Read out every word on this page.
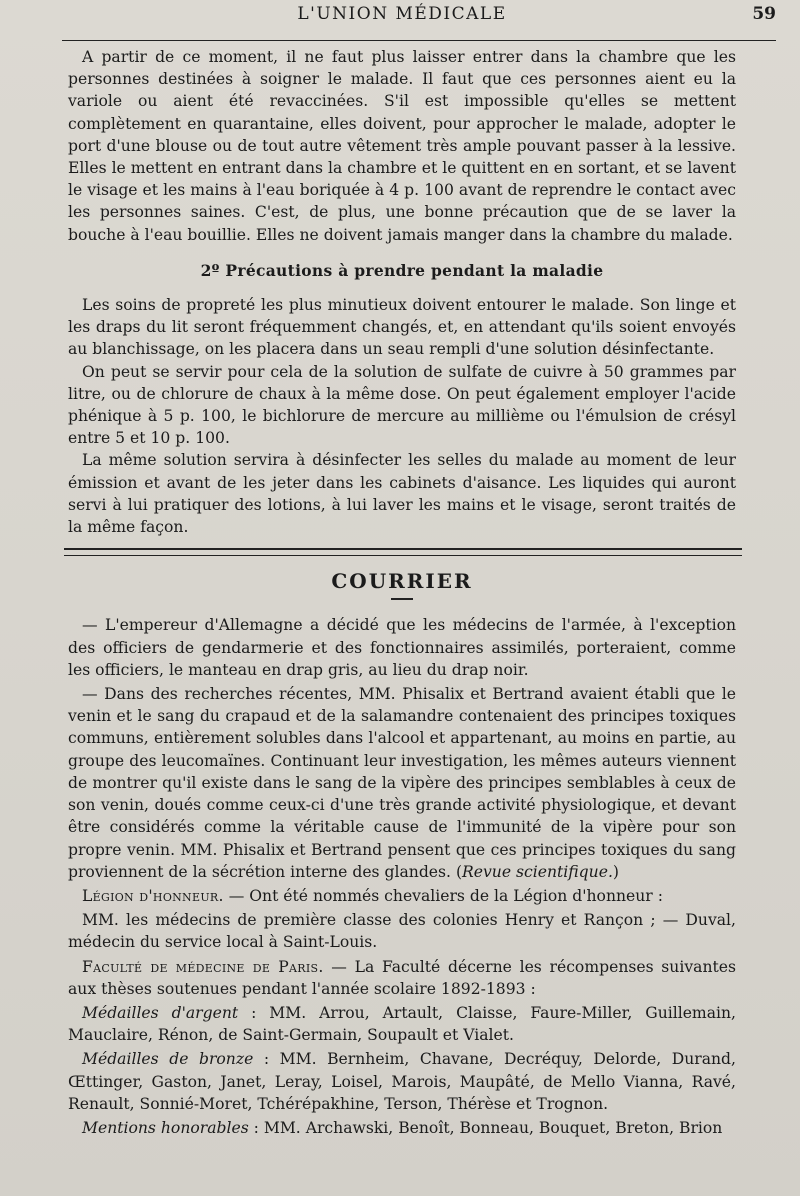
L'UNION MÉDICALE	59

A partir de ce moment, il ne faut plus laisser entrer dans la chambre que les personnes destinées à soigner le malade. Il faut que ces personnes aient eu la variole ou aient été revaccinées. S'il est impossible qu'elles se mettent complètement en quarantaine, elles doivent, pour approcher le malade, adopter le port d'une blouse ou de tout autre vêtement très ample pouvant passer à la lessive. Elles le mettent en entrant dans la chambre et le quittent en en sortant, et se lavent le visage et les mains à l'eau boriquée à 4 p. 100 avant de reprendre le contact avec les personnes saines. C'est, de plus, une bonne précaution que de se laver la bouche à l'eau bouillie. Elles ne doivent jamais manger dans la chambre du malade.

2º Précautions à prendre pendant la maladie

Les soins de propreté les plus minutieux doivent entourer le malade. Son linge et les draps du lit seront fréquemment changés, et, en attendant qu'ils soient envoyés au blanchissage, on les placera dans un seau rempli d'une solution désinfectante.

On peut se servir pour cela de la solution de sulfate de cuivre à 50 grammes par litre, ou de chlorure de chaux à la même dose. On peut également employer l'acide phénique à 5 p. 100, le bichlorure de mercure au millième ou l'émulsion de crésyl entre 5 et 10 p. 100.

La même solution servira à désinfecter les selles du malade au moment de leur émission et avant de les jeter dans les cabinets d'aisance. Les liquides qui auront servi à lui pratiquer des lotions, à lui laver les mains et le visage, seront traités de la même façon.

COURRIER

— L'empereur d'Allemagne a décidé que les médecins de l'armée, à l'exception des officiers de gendarmerie et des fonctionnaires assimilés, porteraient, comme les officiers, le manteau en drap gris, au lieu du drap noir.

— Dans des recherches récentes, MM. Phisalix et Bertrand avaient établi que le venin et le sang du crapaud et de la salamandre contenaient des principes toxiques communs, entièrement solubles dans l'alcool et appartenant, au moins en partie, au groupe des leucomaïnes. Continuant leur investigation, les mêmes auteurs viennent de montrer qu'il existe dans le sang de la vipère des principes semblables à ceux de son venin, doués comme ceux-ci d'une très grande activité physiologique, et devant être considérés comme la véritable cause de l'immunité de la vipère pour son propre venin. MM. Phisalix et Bertrand pensent que ces principes toxiques du sang proviennent de la sécrétion interne des glandes. (Revue scientifique.)

Légion d'honneur. — Ont été nommés chevaliers de la Légion d'honneur :

MM. les médecins de première classe des colonies Henry et Rançon ; — Duval, médecin du service local à Saint-Louis.

Faculté de médecine de Paris. — La Faculté décerne les récompenses suivantes aux thèses soutenues pendant l'année scolaire 1892-1893 :

Médailles d'argent : MM. Arrou, Artault, Claisse, Faure-Miller, Guillemain, Mauclaire, Rénon, de Saint-Germain, Soupault et Vialet.

Médailles de bronze : MM. Bernheim, Chavane, Decréquy, Delorde, Durand, Œttinger, Gaston, Janet, Leray, Loisel, Marois, Maupâté, de Mello Vianna, Ravé, Renault, Sonnié-Moret, Tchérépakhine, Terson, Thérèse et Trognon.

Mentions honorables : MM. Archawski, Benoît, Bonneau, Bouquet, Breton, Brion
